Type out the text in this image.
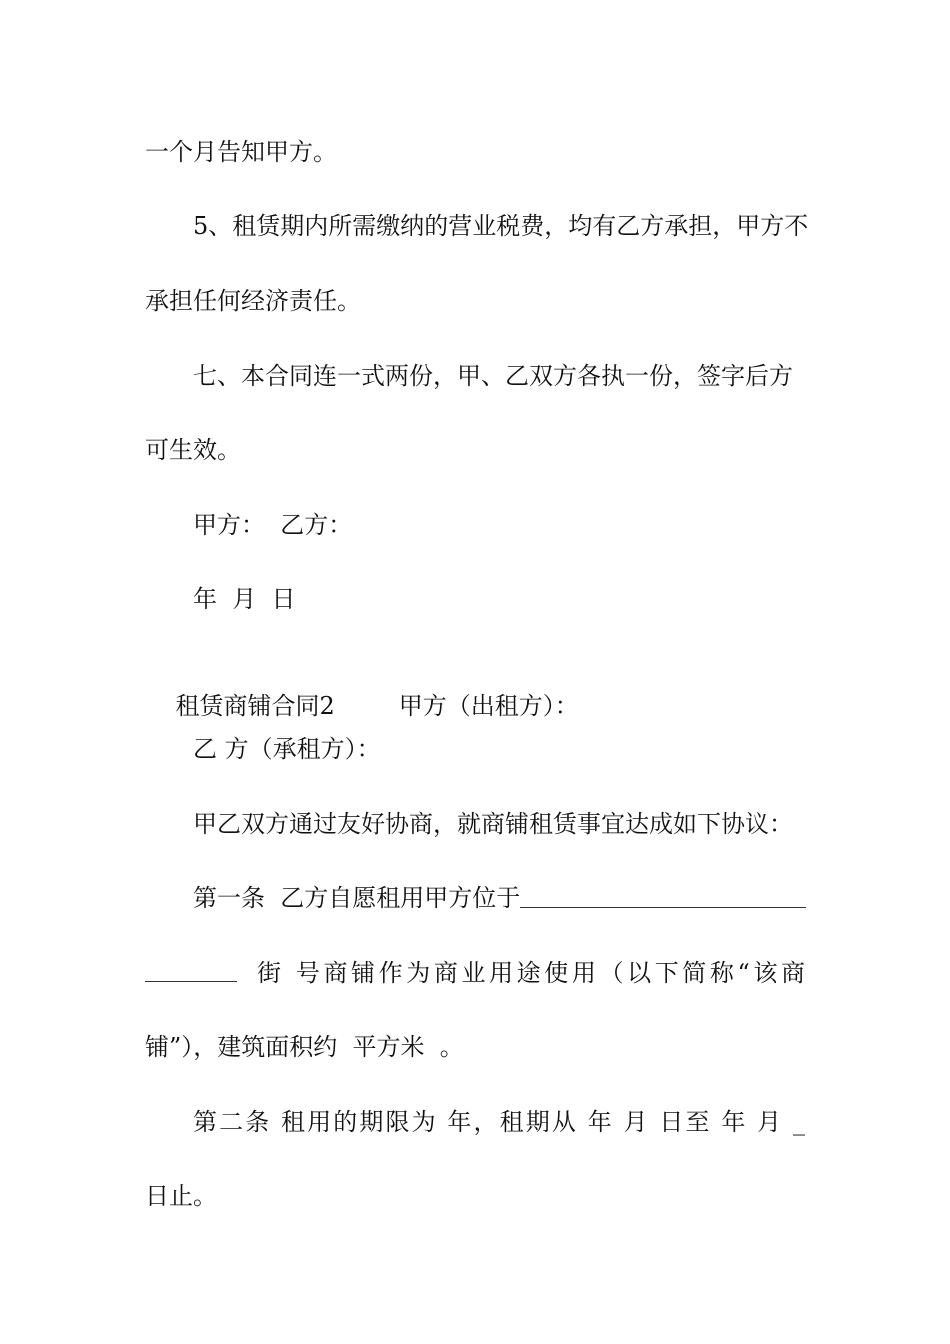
一个月告知甲方。
5、租赁期内所需缴纳的营业税费，均有乙方承担，甲方不
承担任何经济责任。
七、本合同连一式两份，甲、乙双方各执一份，签字后方
可生效。
甲方：  乙方：
年  月  日

租赁商铺合同2	甲方（出租方）：

乙 方（承租方）：
甲乙双方通过友好协商，就商铺租赁事宜达成如下协议：
第一条  乙方自愿租用甲方位于
街 号商铺作为商业用途使用（以下简称“该商
铺”），建筑面积约  平方米  。
第二条 租用的期限为 年，租期从 年 月 日至 年 月 _
日止。
